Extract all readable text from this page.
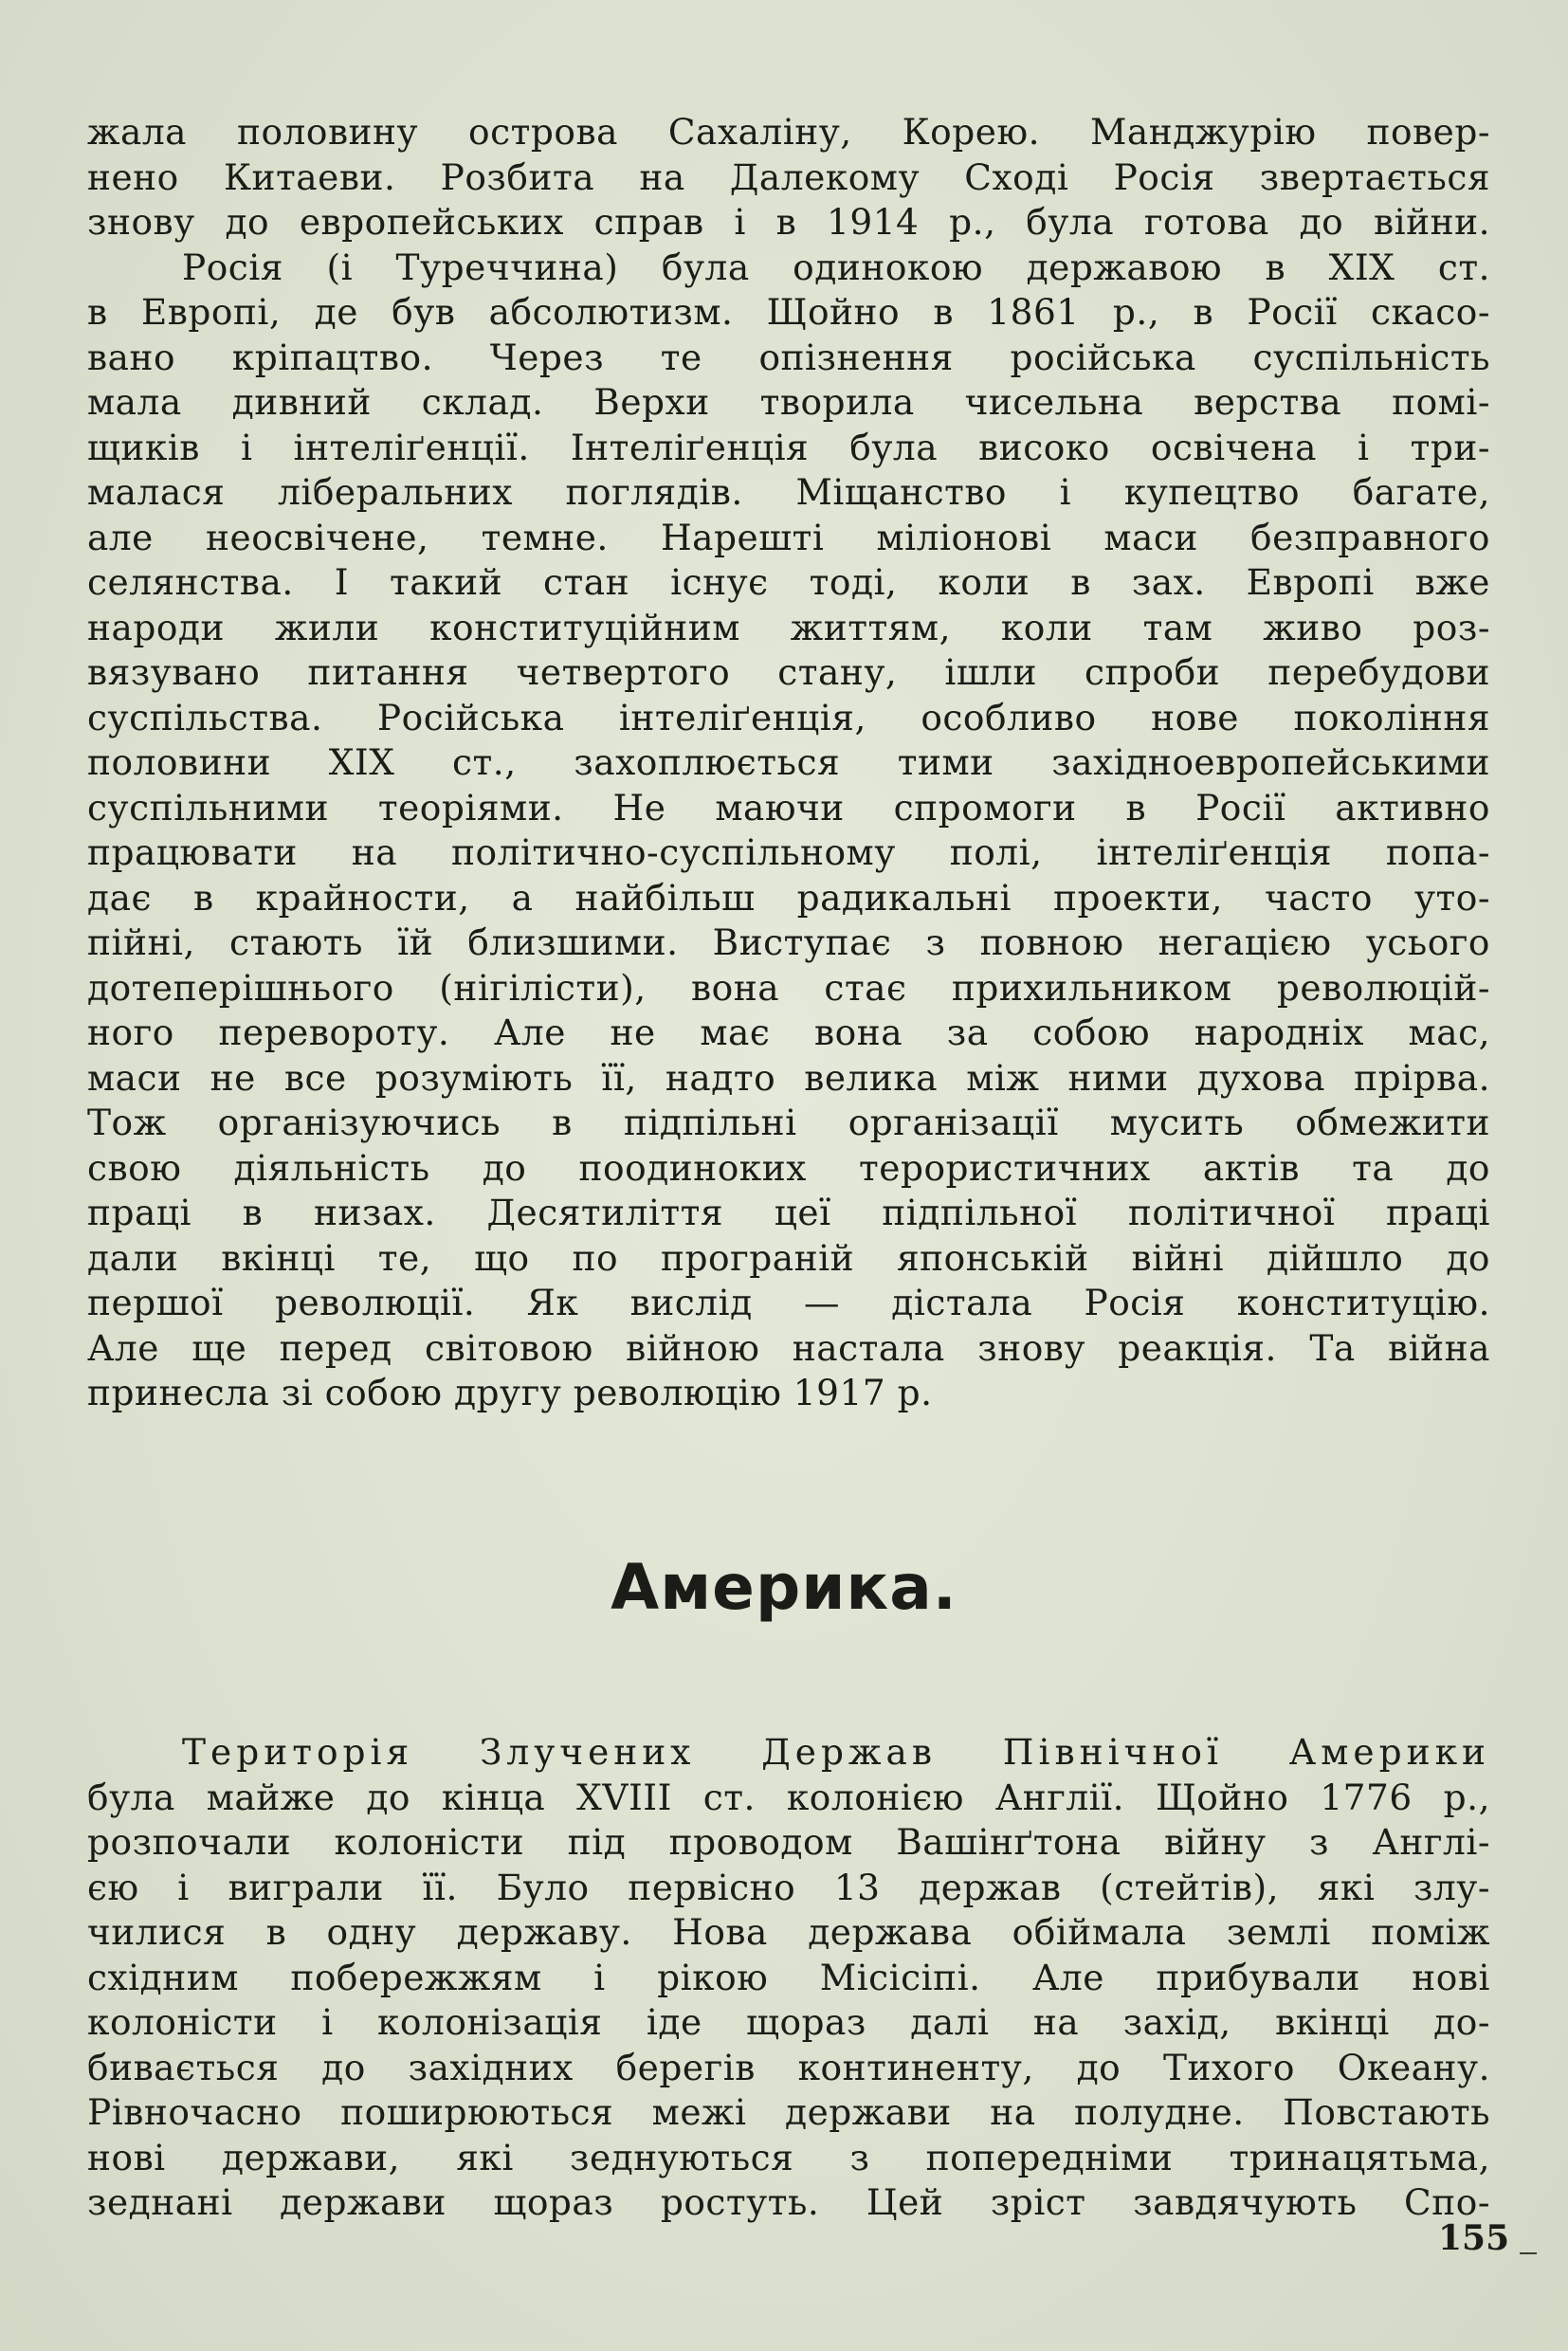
жала половину острова Сахаліну, Корею. Манджурію повер-
нено Китаеви. Розбита на Далекому Сході Росія звертається
знову до европейських справ і в 1914 р., була готова до війни.

Росія (і Туреччина) була одинокою державою в XIX ст.
в Европі, де був абсолютизм. Щойно в 1861 р., в Росії скасо-
вано кріпацтво. Через те опізнення російська суспільність
мала дивний склад. Верхи творила чисельна верства помі-
щиків і інтеліґенції. Інтеліґенція була високо освічена і три-
малася ліберальних поглядів. Міщанство і купецтво багате,
але неосвічене, темне. Нарешті міліонові маси безправного
селянства. І такий стан існує тоді, коли в зах. Европі вже
народи жили конституційним життям, коли там живо роз-
вязувано питання четвертого стану, ішли спроби перебудови
суспільства. Російська інтеліґенція, особливо нове покоління
половини XIX ст., захоплюється тими західноевропейськими
суспільними теоріями. Не маючи спромоги в Росії активно
працювати на політично-суспільному полі, інтеліґенція попа-
дає в крайности, а найбільш радикальні проекти, часто уто-
пійні, стають їй близшими. Виступає з повною негацією усього
дотеперішнього (нігілісти), вона стає прихильником революцій-
ного перевороту. Але не має вона за собою народніх мас,
маси не все розуміють її, надто велика між ними духова прірва.
Тож організуючись в підпільні організації мусить обмежити
свою діяльність до поодиноких терористичних актів та до
праці в низах. Десятиліття цеї підпільної політичної праці
дали вкінці те, що по програній японській війні дійшло до
першої революції. Як вислід — дістала Росія конституцію.
Але ще перед світовою війною настала знову реакція. Та війна
принесла зі собою другу революцію 1917 р.

Америка.

Територія Злучених Держав Північної Америки
була майже до кінца XVIII ст. колонією Англії. Щойно 1776 р.,
розпочали колоністи під проводом Вашінґтона війну з Англі-
єю і виграли її. Було первісно 13 держав (стейтів), які злу-
чилися в одну державу. Нова держава обіймала землі поміж
східним побережжям і рікою Місісіпі. Але прибували нові
колоністи і колонізація іде щораз далі на захід, вкінці до-
бивається до західних берегів континенту, до Тихого Океану.
Рівночасно поширюються межі держави на полудне. Повстають
нові держави, які зеднуються з попередніми тринацятьма,
зеднані держави щораз ростуть. Цей зріст завдячують Спо-

155
